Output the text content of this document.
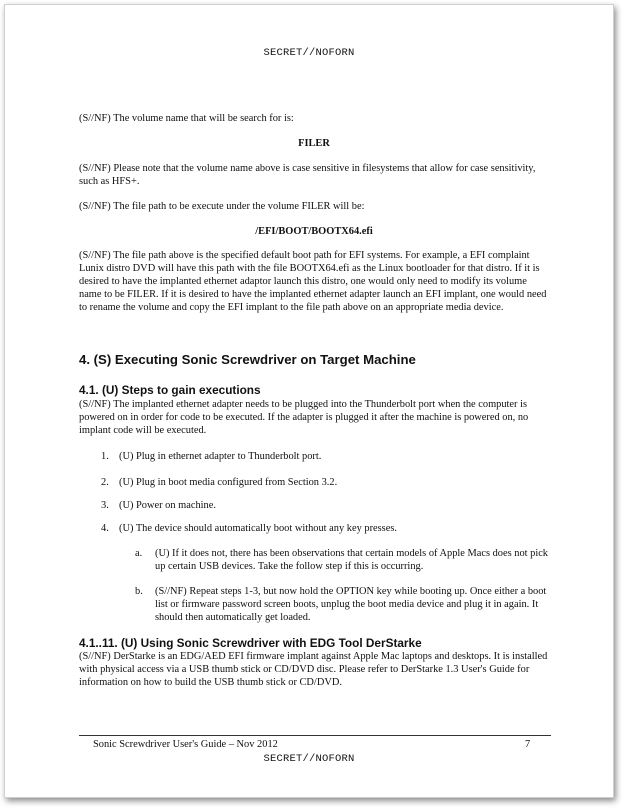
SECRET//NOFORN

(S//NF) The volume name that will be search for is:

FILER

(S//NF) Please note that the volume name above is case sensitive in filesystems that allow for case sensitivity, such as HFS+.

(S//NF) The file path to be execute under the volume FILER will be:

/EFI/BOOT/BOOTX64.efi

(S//NF) The file path above is the specified default boot path for EFI systems. For example, a EFI complaint Lunix distro DVD will have this path with the file BOOTX64.efi as the Linux bootloader for that distro. If it is desired to have the implanted ethernet adaptor launch this distro, one would only need to modify its volume name to be FILER. If it is desired to have the implanted ethernet adapter launch an EFI implant, one would need to rename the volume and copy the EFI implant to the file path above on an appropriate media device.

4. (S) Executing Sonic Screwdriver on Target Machine
4.1. (U) Steps to gain executions

(S//NF) The implanted ethernet adapter needs to be plugged into the Thunderbolt port when the computer is powered on in order for code to be executed. If the adapter is plugged it after the machine is powered on, no implant code will be executed.

1. (U) Plug in ethernet adapter to Thunderbolt port.
2. (U) Plug in boot media configured from Section 3.2.
3. (U) Power on machine.
4. (U) The device should automatically boot without any key presses.
a. (U) If it does not, there has been observations that certain models of Apple Macs does not pick up certain USB devices. Take the follow step if this is occurring.
b. (S//NF) Repeat steps 1-3, but now hold the OPTION key while booting up. Once either a boot list or firmware password screen boots, unplug the boot media device and plug it in again. It should then automatically get loaded.
4.1..11. (U) Using Sonic Screwdriver with EDG Tool DerStarke

(S//NF) DerStarke is an EDG/AED EFI firmware implant against Apple Mac laptops and desktops. It is installed with physical access via a USB thumb stick or CD/DVD disc. Please refer to DerStarke 1.3 User's Guide for information on how to build the USB thumb stick or CD/DVD.

Sonic Screwdriver User's Guide – Nov 2012	7
SECRET//NOFORN
